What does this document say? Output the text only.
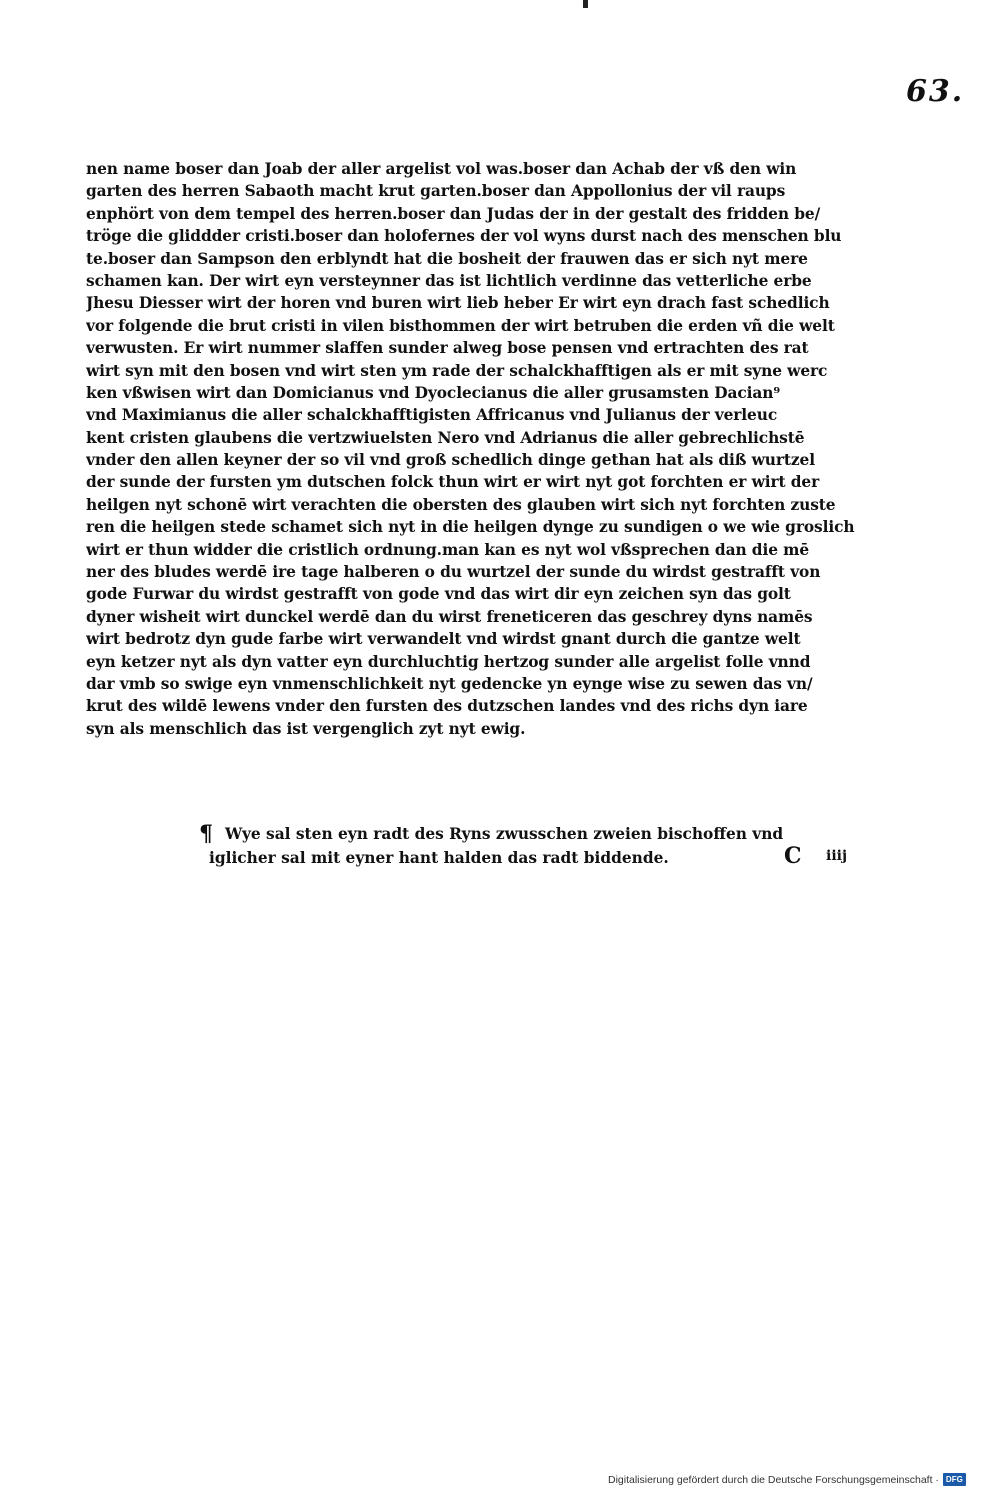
63.
nen name boser dan Joab der aller argelist vol was.boser dan Achab der vß den win
garten des herren Sabaoth macht krut garten.boser dan Appollonius der vil raups
enphört von dem tempel des herren.boser dan Judas der in der gestalt des fridden be/
tröge die gliddder cristi.boser dan holofernes der vol wyns durst nach des menschen blu
te.boser dan Sampson den erblyndt hat die bosheit der frauwen das er sich nyt mere
schamen kan. Der wirt eyn versteynner das ist lichtlich verdinne das vetterliche erbe
Jhesu Diesser wirt der horen vnd buren wirt lieb heber Er wirt eyn drach fast schedlich
vor folgende die brut cristi in vilen bisthommen der wirt betruben die erden vñ die welt
verwusten. Er wirt nummer slaffen sunder alweg bose pensen vnd ertrachten des rat
wirt syn mit den bosen vnd wirt sten ym rade der schalckhafftigen als er mit syne werc
ken vßwisen wirt dan Domicianus vnd Dyoclecianus die aller grusamsten Dacian⁹
vnd Maximianus die aller schalckhafftigisten Affricanus vnd Julianus der verleuc
kent cristen glaubens die vertzwiuelsten Nero vnd Adrianus die aller gebrechlichstē
vnder den allen keyner der so vil vnd groß schedlich dinge gethan hat als diß wurtzel
der sunde der fursten ym dutschen folck thun wirt er wirt nyt got forchten er wirt der
heilgen nyt schonē wirt verachten die obersten des glauben wirt sich nyt forchten zuste
ren die heilgen stede schamet sich nyt in die heilgen dynge zu sundigen o we wie groslich
wirt er thun widder die cristlich ordnung.man kan es nyt wol vßsprechen dan die mē
ner des bludes werdē ire tage halberen o du wurtzel der sunde du wirdst gestrafft von
gode Furwar du wirdst gestrafft von gode vnd das wirt dir eyn zeichen syn das golt
dyner wisheit wirt dunckel werdē dan du wirst freneticeren das geschrey dyns namēs
wirt bedrotz dyn gude farbe wirt verwandelt vnd wirdst gnant durch die gantze welt
eyn ketzer nyt als dyn vatter eyn durchluchtig hertzog sunder alle argelist folle vnnd
dar vmb so swige eyn vnmenschlichkeit nyt gedencke yn eynge wise zu sewen das vn/
krut des wildē lewens vnder den fursten des dutzschen landes vnd des richs dyn iare
syn als menschlich das ist vergenglich zyt nyt ewig.
¶ Wye sal sten eyn radt des Ryns zwusschen zweien bischoffen vnd
iglicher sal mit eyner hant halden das radt biddende.	C iiij
Digitalisierung gefördert durch die Deutsche Forschungsgemeinschaft · DFG
